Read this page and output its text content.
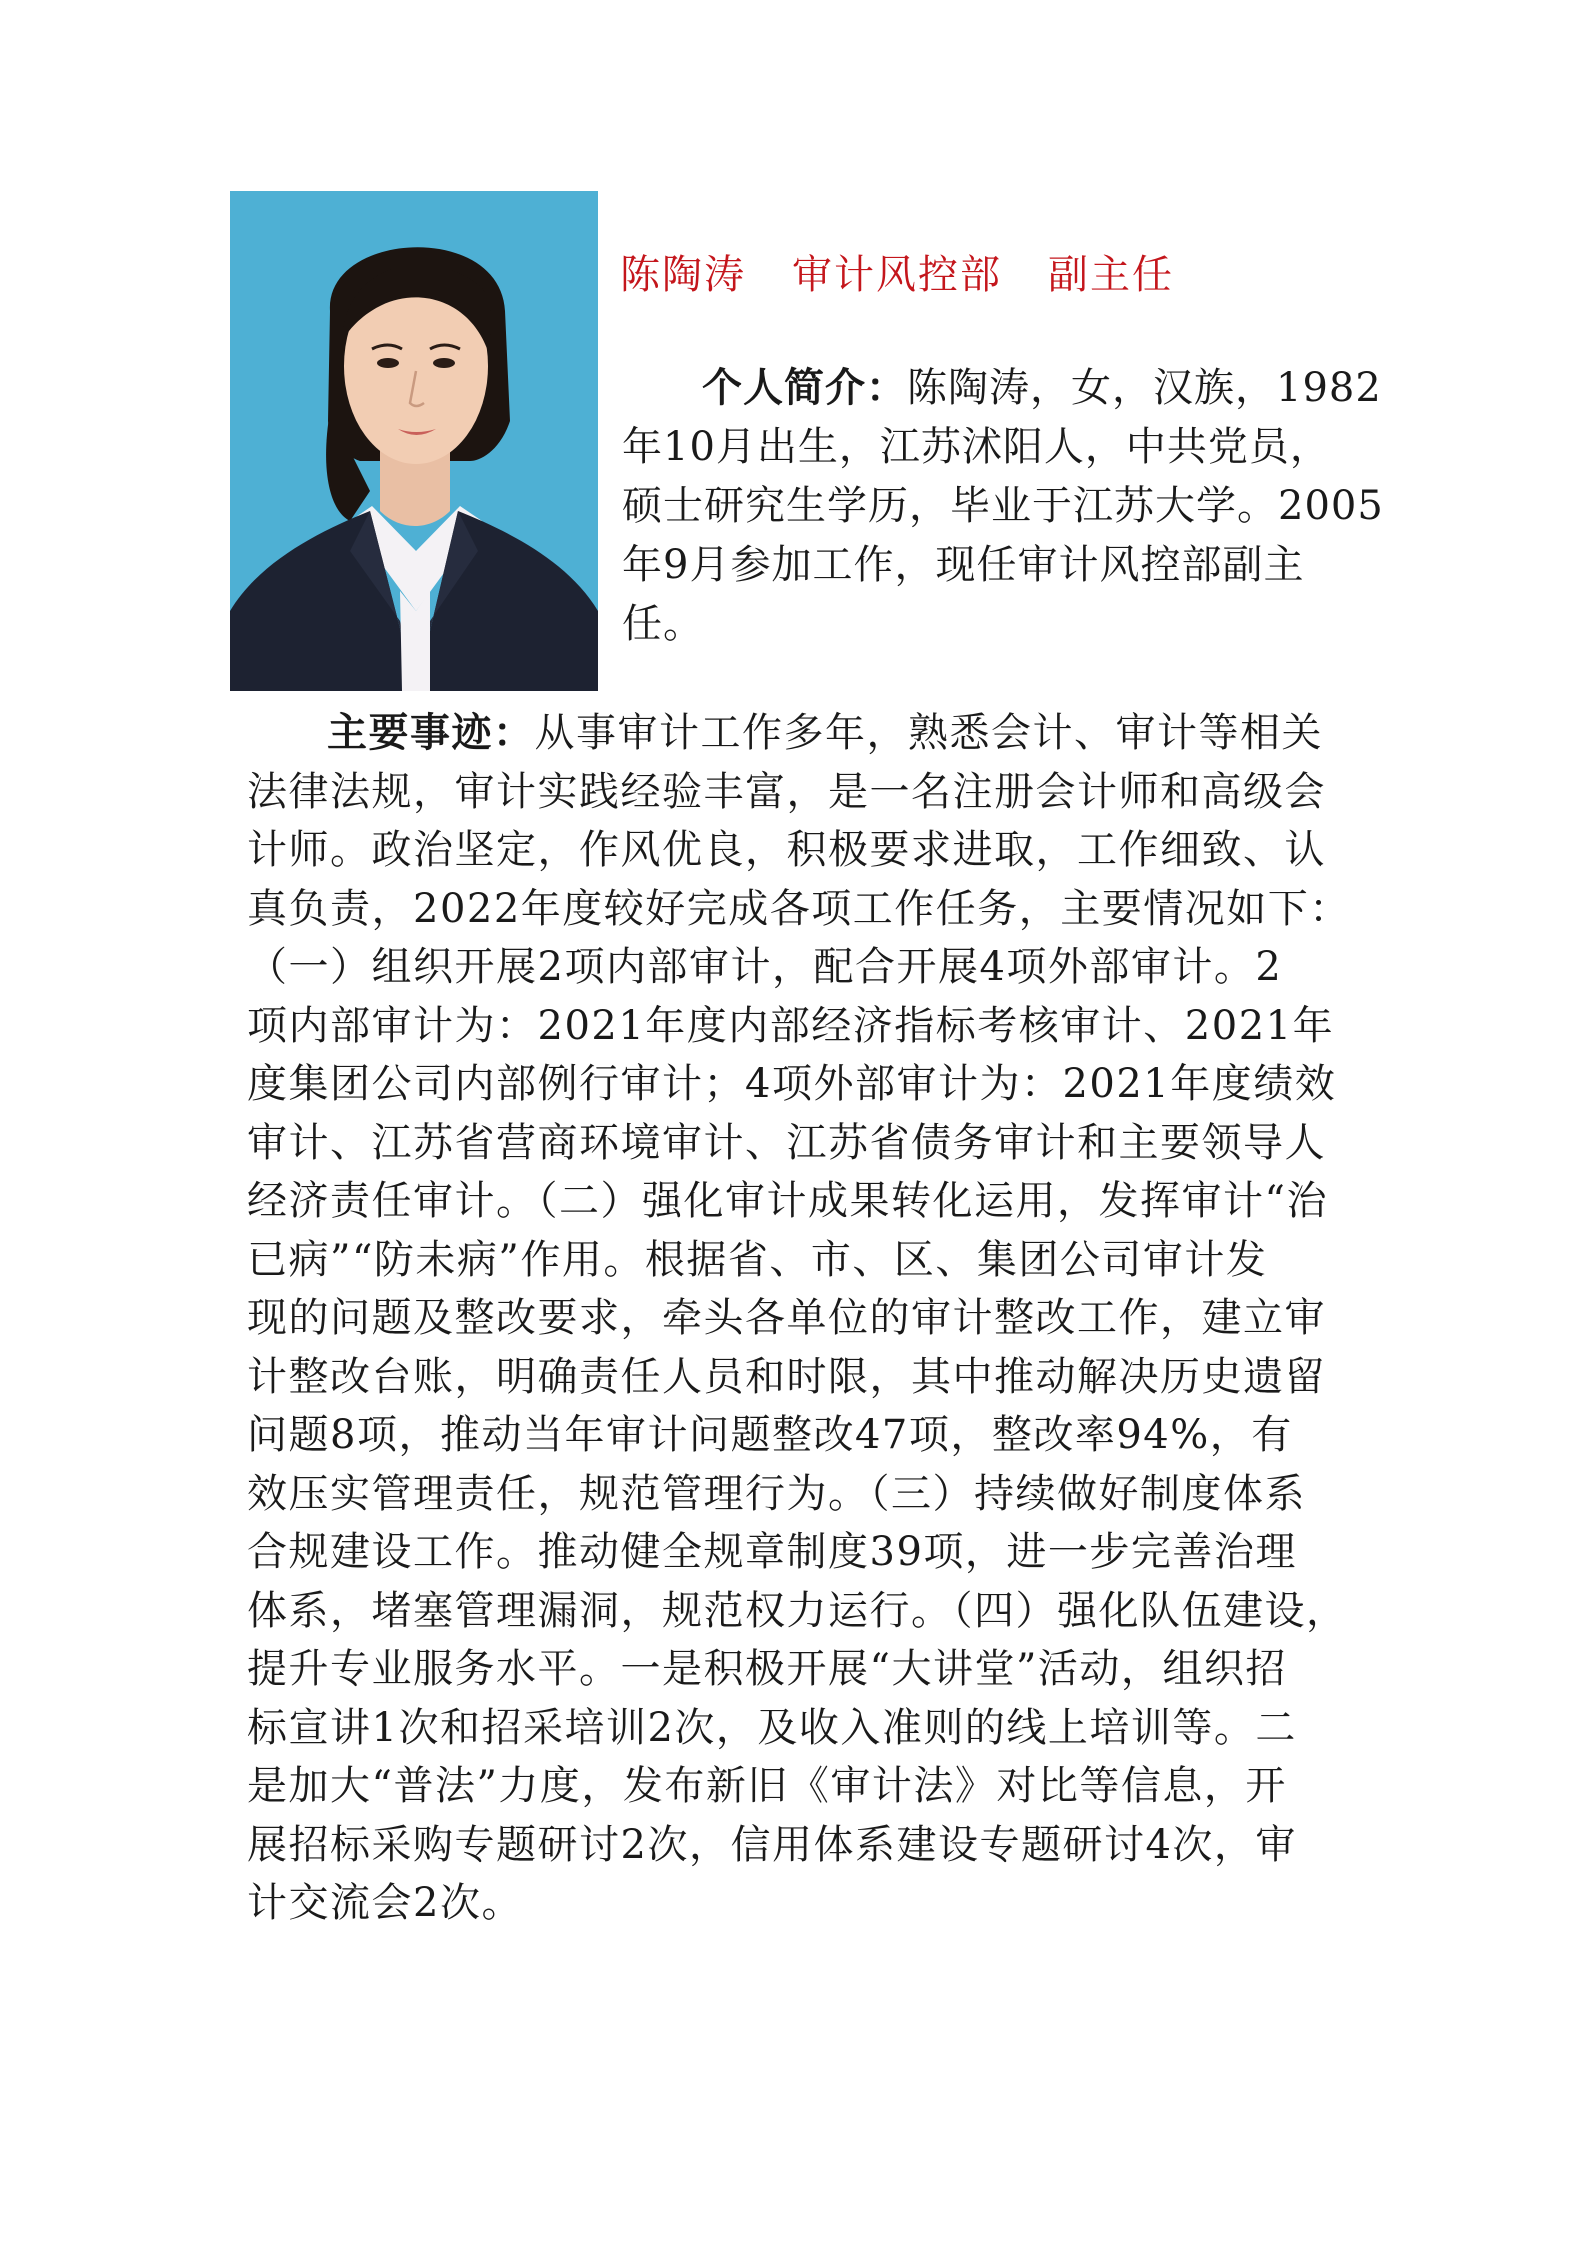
陈陶涛 审计风控部 副主任
个人简介：陈陶涛，女，汉族，1982
年10月出生，江苏沭阳人，中共党员，
硕士研究生学历，毕业于江苏大学。2005
年9月参加工作，现任审计风控部副主
任。
主要事迹：从事审计工作多年，熟悉会计、审计等相关
法律法规，审计实践经验丰富，是一名注册会计师和高级会
计师。政治坚定，作风优良，积极要求进取，工作细致、认
真负责，2022年度较好完成各项工作任务，主要情况如下：
（一）组织开展2项内部审计，配合开展4项外部审计。2
项内部审计为：2021年度内部经济指标考核审计、2021年
度集团公司内部例行审计；4项外部审计为：2021年度绩效
审计、江苏省营商环境审计、江苏省债务审计和主要领导人
经济责任审计。（二）强化审计成果转化运用，发挥审计“治
已病”“防未病”作用。根据省、市、区、集团公司审计发
现的问题及整改要求，牵头各单位的审计整改工作，建立审
计整改台账，明确责任人员和时限，其中推动解决历史遗留
问题8项，推动当年审计问题整改47项，整改率94%，有
效压实管理责任，规范管理行为。（三）持续做好制度体系
合规建设工作。推动健全规章制度39项，进一步完善治理
体系，堵塞管理漏洞，规范权力运行。（四）强化队伍建设，
提升专业服务水平。一是积极开展“大讲堂”活动，组织招
标宣讲1次和招采培训2次，及收入准则的线上培训等。二
是加大“普法”力度，发布新旧《审计法》对比等信息，开
展招标采购专题研讨2次，信用体系建设专题研讨4次，审
计交流会2次。
